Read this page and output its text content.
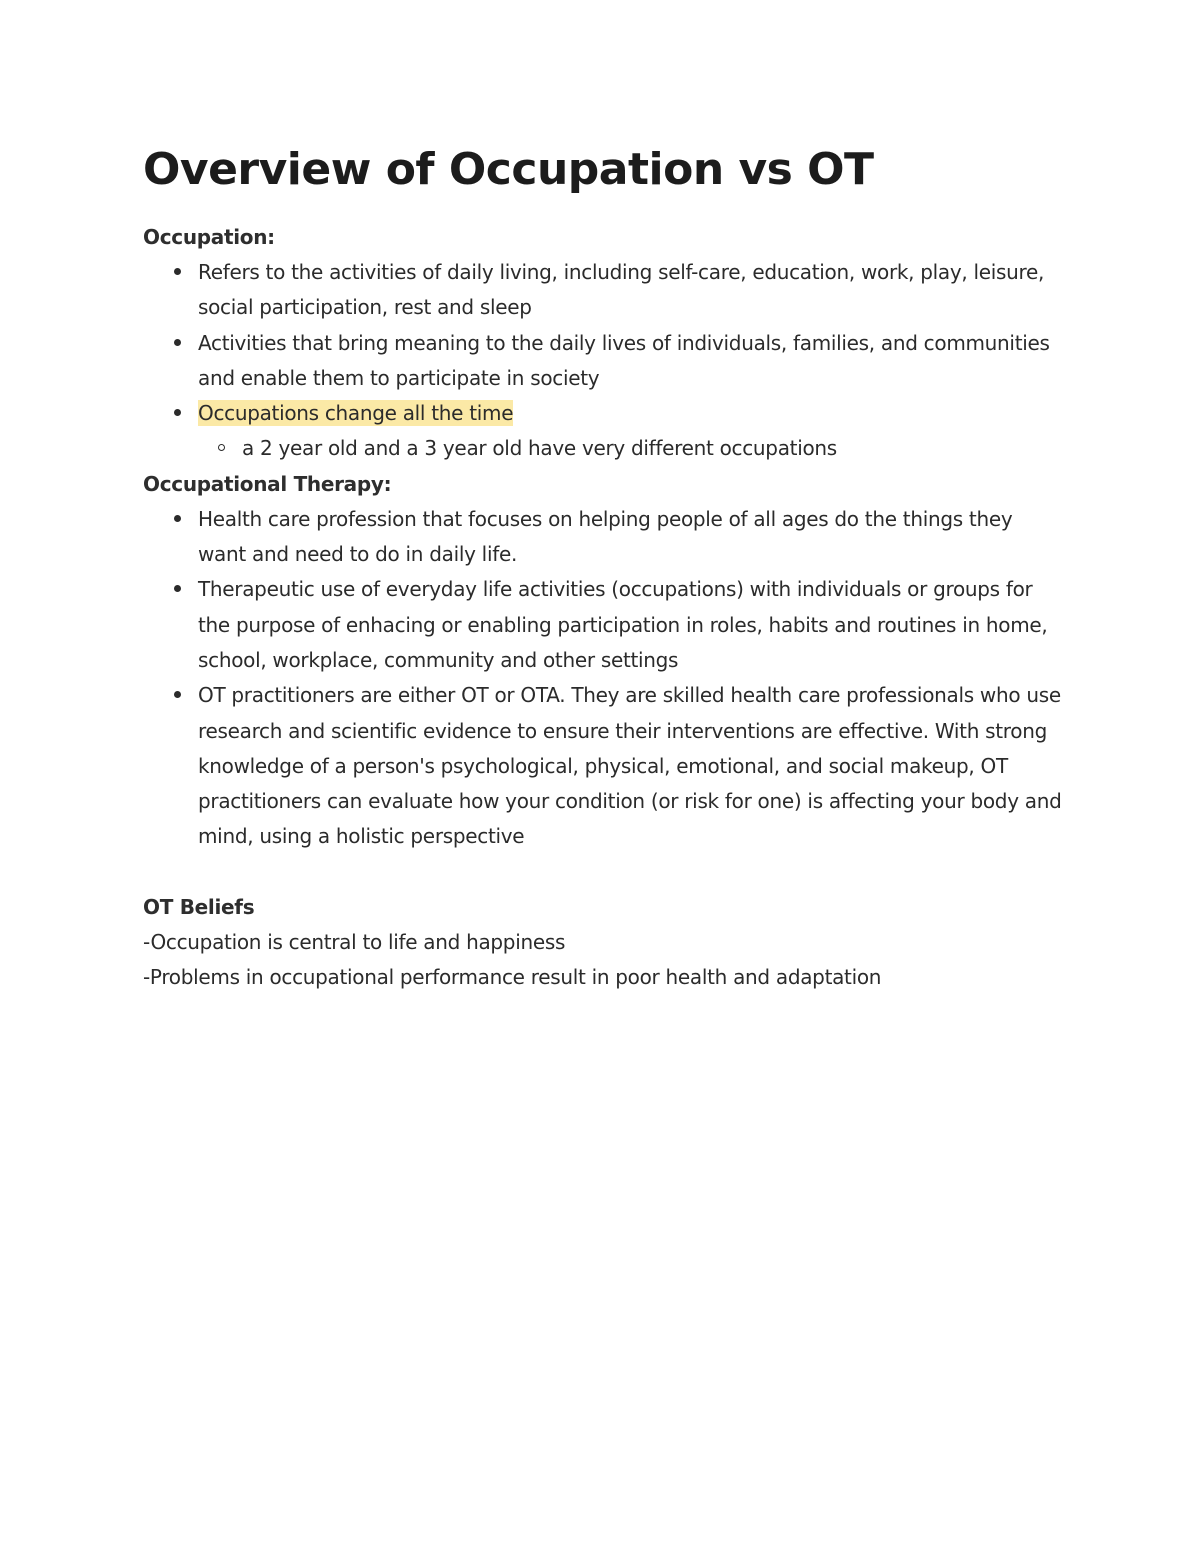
Overview of Occupation vs OT

Occupation:

Refers to the activities of daily living, including self-care, education, work, play, leisure, social participation, rest and sleep
Activities that bring meaning to the daily lives of individuals, families, and communities and enable them to participate in society
Occupations change all the time
a 2 year old and a 3 year old have very different occupations

Occupational Therapy:

Health care profession that focuses on helping people of all ages do the things they want and need to do in daily life.
Therapeutic use of everyday life activities (occupations) with individuals or groups for the purpose of enhacing or enabling participation in roles, habits and routines in home, school, workplace, community and other settings
OT practitioners are either OT or OTA. They are skilled health care professionals who use research and scientific evidence to ensure their interventions are effective. With strong knowledge of a person's psychological, physical, emotional, and social makeup, OT practitioners can evaluate how your condition (or risk for one) is affecting your body and mind, using a holistic perspective

OT Beliefs

-Occupation is central to life and happiness

-Problems in occupational performance result in poor health and adaptation
